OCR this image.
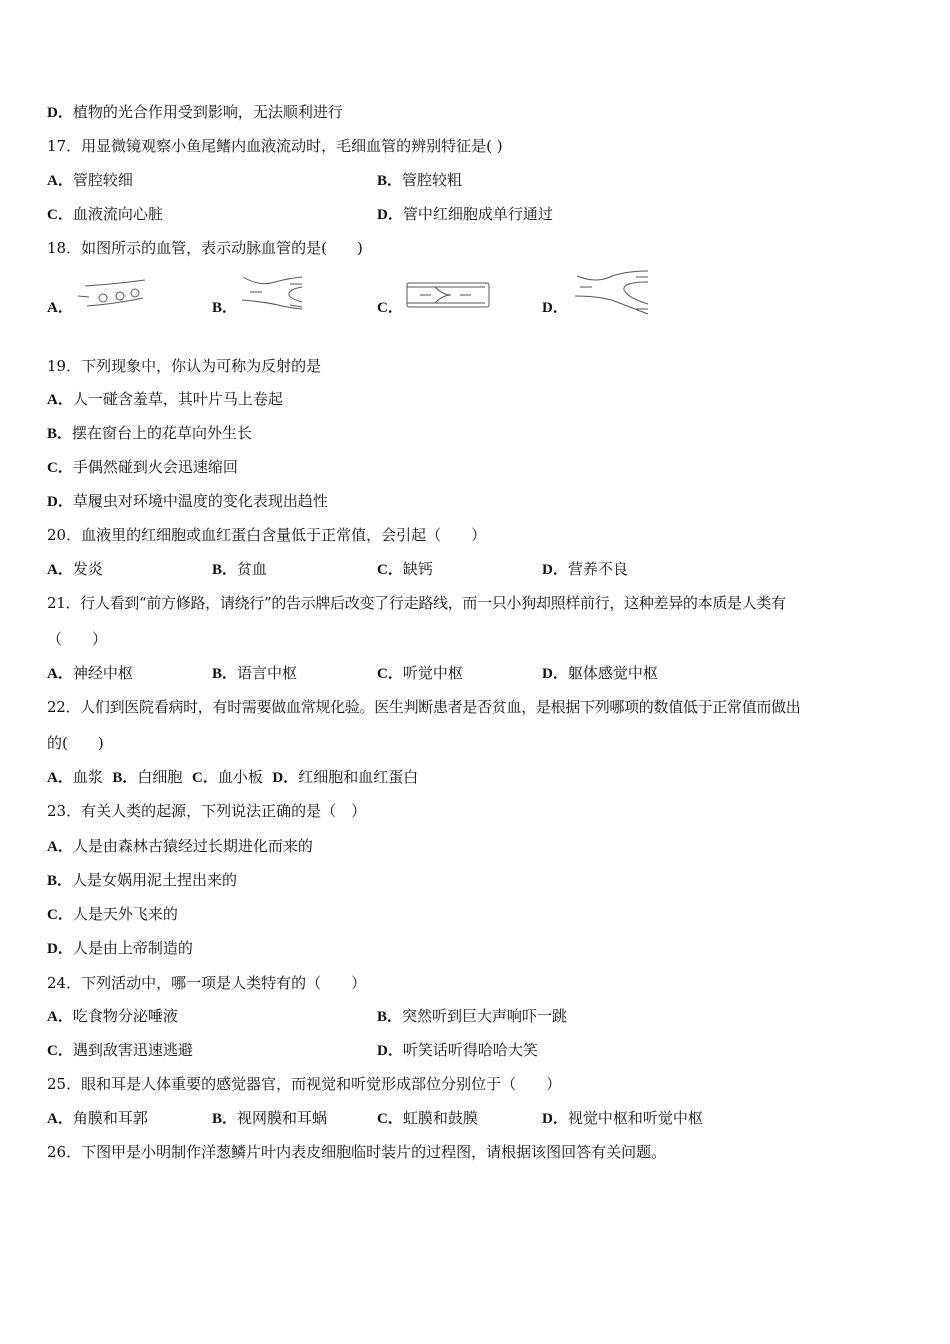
D．植物的光合作用受到影响，无法顺利进行
17．用显微镜观察小鱼尾鳍内血液流动时，毛细血管的辨别特征是( )
A．管腔较细	B．管腔较粗
C．血液流向心脏	D．管中红细胞成单行通过
18．如图所示的血管，表示动脉血管的是(　　)
A．	B．	C．	D．
19．下列现象中，你认为可称为反射的是
A．人一碰含羞草，其叶片马上卷起
B．摆在窗台上的花草向外生长
C．手偶然碰到火会迅速缩回
D．草履虫对环境中温度的变化表现出趋性
20．血液里的红细胞或血红蛋白含量低于正常值，会引起（　　）
A．发炎	B．贫血	C．缺钙	D．营养不良
21．行人看到“前方修路，请绕行”的告示牌后改变了行走路线，而一只小狗却照样前行，这种差异的本质是人类有
（　　）
A．神经中枢	B．语言中枢	C．听觉中枢	D．躯体感觉中枢
22．人们到医院看病时，有时需要做血常规化验。医生判断患者是否贫血，是根据下列哪项的数值低于正常值而做出
的(　　)
A．血浆 B．白细胞 C．血小板 D．红细胞和血红蛋白
23．有关人类的起源，下列说法正确的是（　）
A．人是由森林古猿经过长期进化而来的
B．人是女娲用泥土捏出来的
C．人是天外飞来的
D．人是由上帝制造的
24．下列活动中，哪一项是人类特有的（　　）
A．吃食物分泌唾液	B．突然听到巨大声响吓一跳
C．遇到敌害迅速逃避	D．听笑话听得哈哈大笑
25．眼和耳是人体重要的感觉器官，而视觉和听觉形成部位分别位于（　　）
A．角膜和耳郭	B．视网膜和耳蜗	C．虹膜和鼓膜	D．视觉中枢和听觉中枢
26．下图甲是小明制作洋葱鳞片叶内表皮细胞临时装片的过程图，请根据该图回答有关问题。
